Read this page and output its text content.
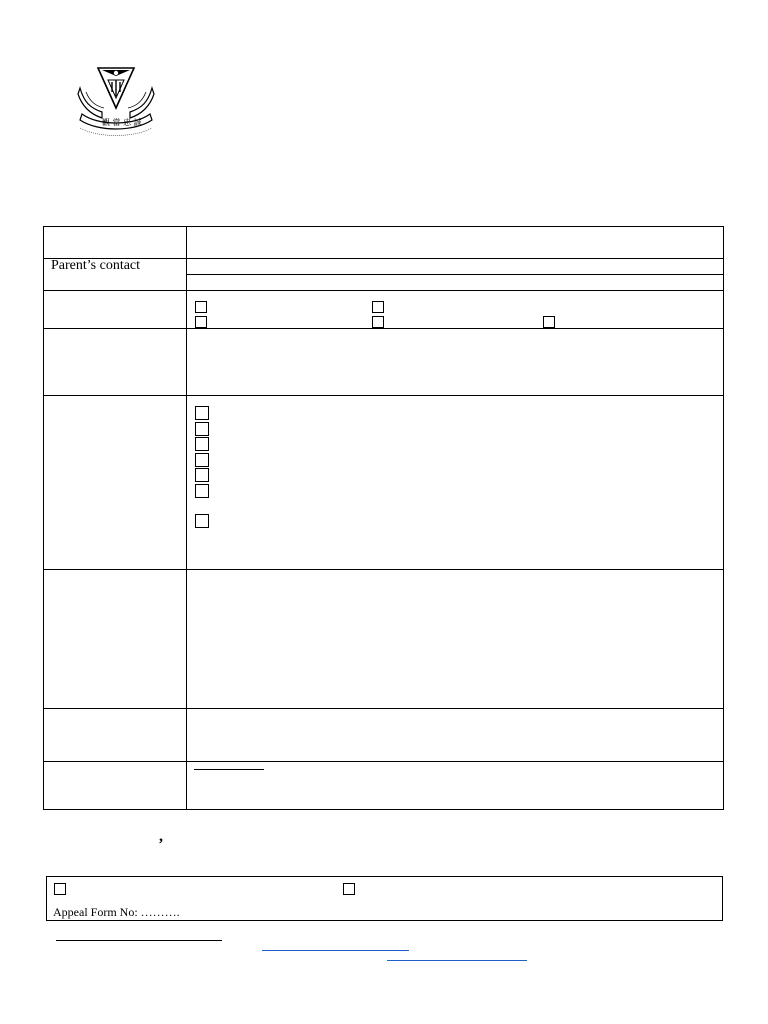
觀 當 忠 誠
Parent’s contact
,
Appeal Form No: ……….
